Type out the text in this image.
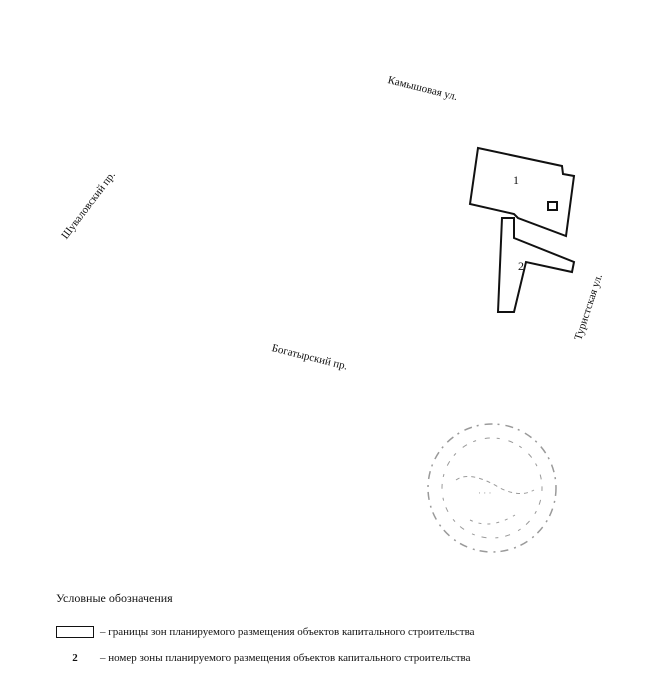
1
2
· · ·
Камышовая ул.
Шуваловский пр.
Туристская ул.
Богатырский пр.
Условные обозначения
– границы зон планируемого размещения объектов капитального строительства
2	– номер зоны планируемого размещения объектов капитального строительства
